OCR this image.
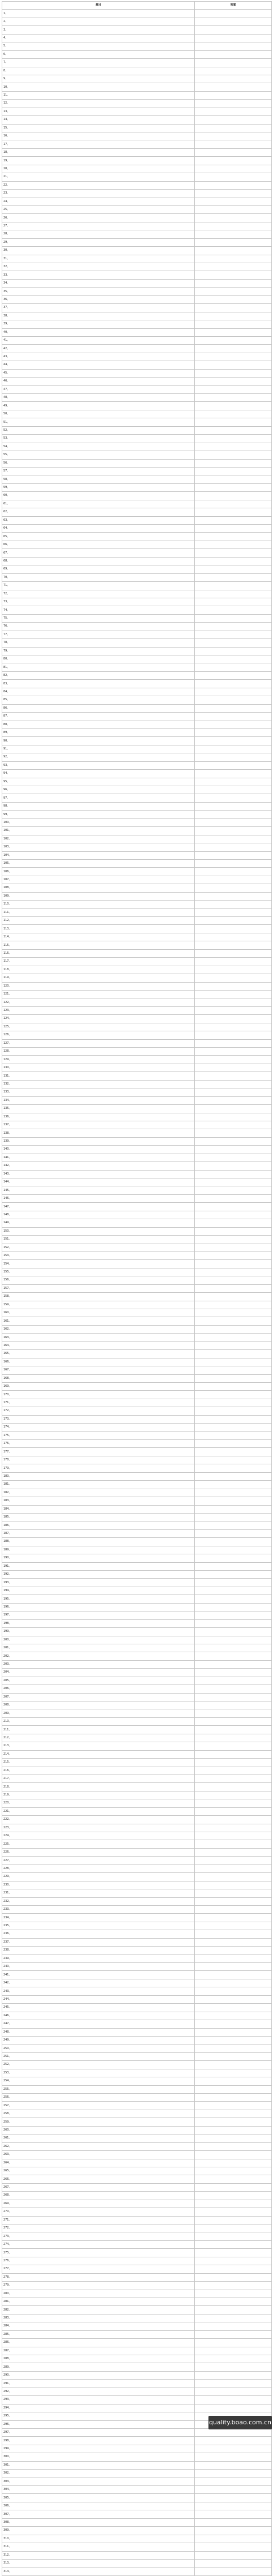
题目	答案
1、	
2、	
3、	
4、	
5、	
6、	
7、	
8、	
9、	
10、	
11、	
12、	
13、	
14、	
15、	
16、	
17、	
18、	
19、	
20、	
21、	
22、	
23、	
24、	
25、	
26、	
27、	
28、	
29、	
30、	
31、	
32、	
33、	
34、	
35、	
36、	
37、	
38、	
39、	
40、	
41、	
42、	
43、	
44、	
45、	
46、	
47、	
48、	
49、	
50、	
51、	
52、	
53、	
54、	
55、	
56、	
57、	
58、	
59、	
60、	
61、	
62、	
63、	
64、	
65、	
66、	
67、	
68、	
69、	
70、	
71、	
72、	
73、	
74、	
75、	
76、	
77、	
78、	
79、	
80、	
81、	
82、	
83、	
84、	
85、	
86、	
87、	
88、	
89、	
90、	
91、	
92、	
93、	
94、	
95、	
96、	
97、	
98、	
99、	
100、	
101、	
102、	
103、	
104、	
105、	
106、	
107、	
108、	
109、	
110、	
111、	
112、	
113、	
114、	
115、	
116、	
117、	
118、	
119、	
120、	
121、	
122、	
123、	
124、	
125、	
126、	
127、	
128、	
129、	
130、	
131、	
132、	
133、	
134、	
135、	
136、	
137、	
138、	
139、	
140、	
141、	
142、	
143、	
144、	
145、	
146、	
147、	
148、	
149、	
150、	
151、	
152、	
153、	
154、	
155、	
156、	
157、	
158、	
159、	
160、	
161、	
162、	
163、	
164、	
165、	
166、	
167、	
168、	
169、	
170、	
171、	
172、	
173、	
174、	
175、	
176、	
177、	
178、	
179、	
180、	
181、	
182、	
183、	
184、	
185、	
186、	
187、	
188、	
189、	
190、	
191、	
192、	
193、	
194、	
195、	
196、	
197、	
198、	
199、	
200、	
201、	
202、	
203、	
204、	
205、	
206、	
207、	
208、	
209、	
210、	
211、	
212、	
213、	
214、	
215、	
216、	
217、	
218、	
219、	
220、	
221、	
222、	
223、	
224、	
225、	
226、	
227、	
228、	
229、	
230、	
231、	
232、	
233、	
234、	
235、	
236、	
237、	
238、	
239、	
240、	
241、	
242、	
243、	
244、	
245、	
246、	
247、	
248、	
249、	
250、	
251、	
252、	
253、	
254、	
255、	
256、	
257、	
258、	
259、	
260、	
261、	
262、	
263、	
264、	
265、	
266、	
267、	
268、	
269、	
270、	
271、	
272、	
273、	
274、	
275、	
276、	
277、	
278、	
279、	
280、	
281、	
282、	
283、	
284、	
285、	
286、	
287、	
288、	
289、	
290、	
291、	
292、	
293、	
294、	
295、	
296、	
297、	
298、	
299、	
300、	
301、	
302、	
303、	
304、	
305、	
306、	
307、	
308、	
309、	
310、	
311、	
312、	
313、	
314、	
quality.boao.com.cn
